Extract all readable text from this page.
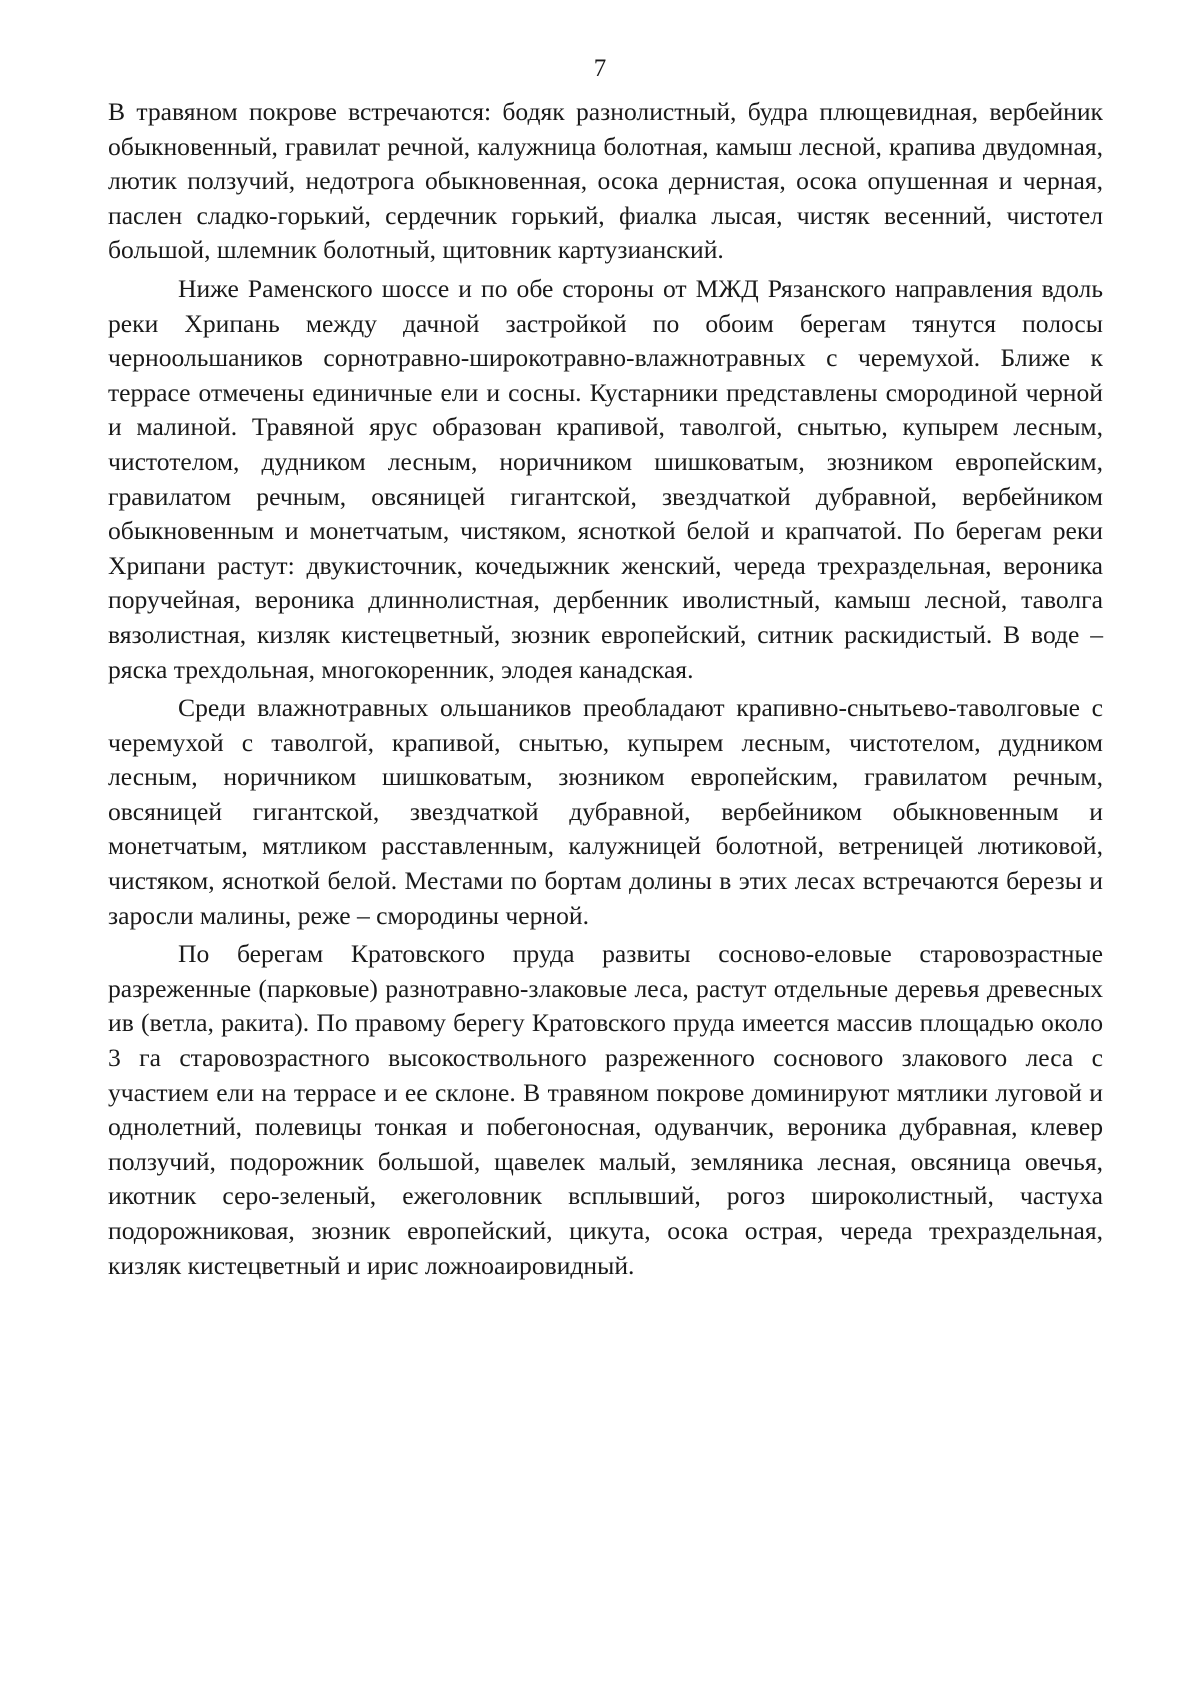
7

В травяном покрове встречаются: бодяк разнолистный, будра плющевидная, вербейник обыкновенный, гравилат речной, калужница болотная, камыш лесной, крапива двудомная, лютик ползучий, недотрога обыкновенная, осока дернистая, осока опушенная и черная, паслен сладко-горький, сердечник горький, фиалка лысая, чистяк весенний, чистотел большой, шлемник болотный, щитовник картузианский.

Ниже Раменского шоссе и по обе стороны от МЖД Рязанского направления вдоль реки Хрипань между дачной застройкой по обоим берегам тянутся полосы черноольшаников сорнотравно-широкотравно-влажнотравных с черемухой. Ближе к террасе отмечены единичные ели и сосны. Кустарники представлены смородиной черной и малиной. Травяной ярус образован крапивой, таволгой, снытью, купырем лесным, чистотелом, дудником лесным, норичником шишковатым, зюзником европейским, гравилатом речным, овсяницей гигантской, звездчаткой дубравной, вербейником обыкновенным и монетчатым, чистяком, ясноткой белой и крапчатой. По берегам реки Хрипани растут: двукисточник, кочедыжник женский, череда трехраздельная, вероника поручейная, вероника длиннолистная, дербенник иволистный, камыш лесной, таволга вязолистная, кизляк кистецветный, зюзник европейский, ситник раскидистый. В воде – ряска трехдольная, многокоренник, элодея канадская.

Среди влажнотравных ольшаников преобладают крапивно-снытьево-таволговые с черемухой с таволгой, крапивой, снытью, купырем лесным, чистотелом, дудником лесным, норичником шишковатым, зюзником европейским, гравилатом речным, овсяницей гигантской, звездчаткой дубравной, вербейником обыкновенным и монетчатым, мятликом расставленным, калужницей болотной, ветреницей лютиковой, чистяком, ясноткой белой. Местами по бортам долины в этих лесах встречаются березы и заросли малины, реже – смородины черной.

По берегам Кратовского пруда развиты сосново-еловые старовозрастные разреженные (парковые) разнотравно-злаковые леса, растут отдельные деревья древесных ив (ветла, ракита). По правому берегу Кратовского пруда имеется массив площадью около 3 га старовозрастного высокоствольного разреженного соснового злакового леса с участием ели на террасе и ее склоне. В травяном покрове доминируют мятлики луговой и однолетний, полевицы тонкая и побегоносная, одуванчик, вероника дубравная, клевер ползучий, подорожник большой, щавелек малый, земляника лесная, овсяница овечья, икотник серо-зеленый, ежеголовник всплывший, рогоз широколистный, частуха подорожниковая, зюзник европейский, цикута, осока острая, череда трехраздельная, кизляк кистецветный и ирис ложноаировидный.
